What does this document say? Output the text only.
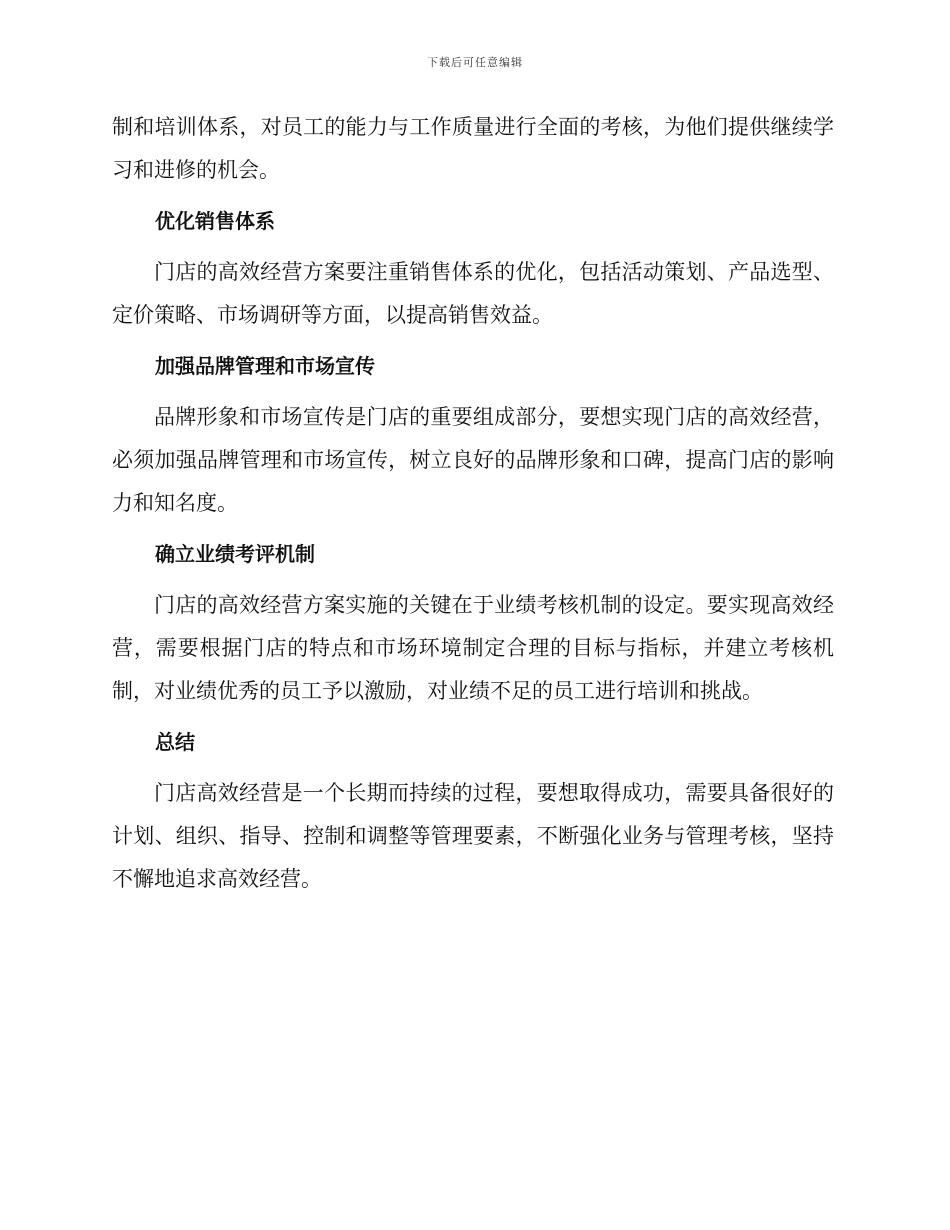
下载后可任意编辑

制和培训体系，对员工的能力与工作质量进行全面的考核，为他们提供继续学习和进修的机会。

优化销售体系

门店的高效经营方案要注重销售体系的优化，包括活动策划、产品选型、定价策略、市场调研等方面，以提高销售效益。

加强品牌管理和市场宣传

品牌形象和市场宣传是门店的重要组成部分，要想实现门店的高效经营，必须加强品牌管理和市场宣传，树立良好的品牌形象和口碑，提高门店的影响力和知名度。

确立业绩考评机制

门店的高效经营方案实施的关键在于业绩考核机制的设定。要实现高效经营，需要根据门店的特点和市场环境制定合理的目标与指标，并建立考核机制，对业绩优秀的员工予以激励，对业绩不足的员工进行培训和挑战。

总结

门店高效经营是一个长期而持续的过程，要想取得成功，需要具备很好的计划、组织、指导、控制和调整等管理要素，不断强化业务与管理考核，坚持不懈地追求高效经营。
